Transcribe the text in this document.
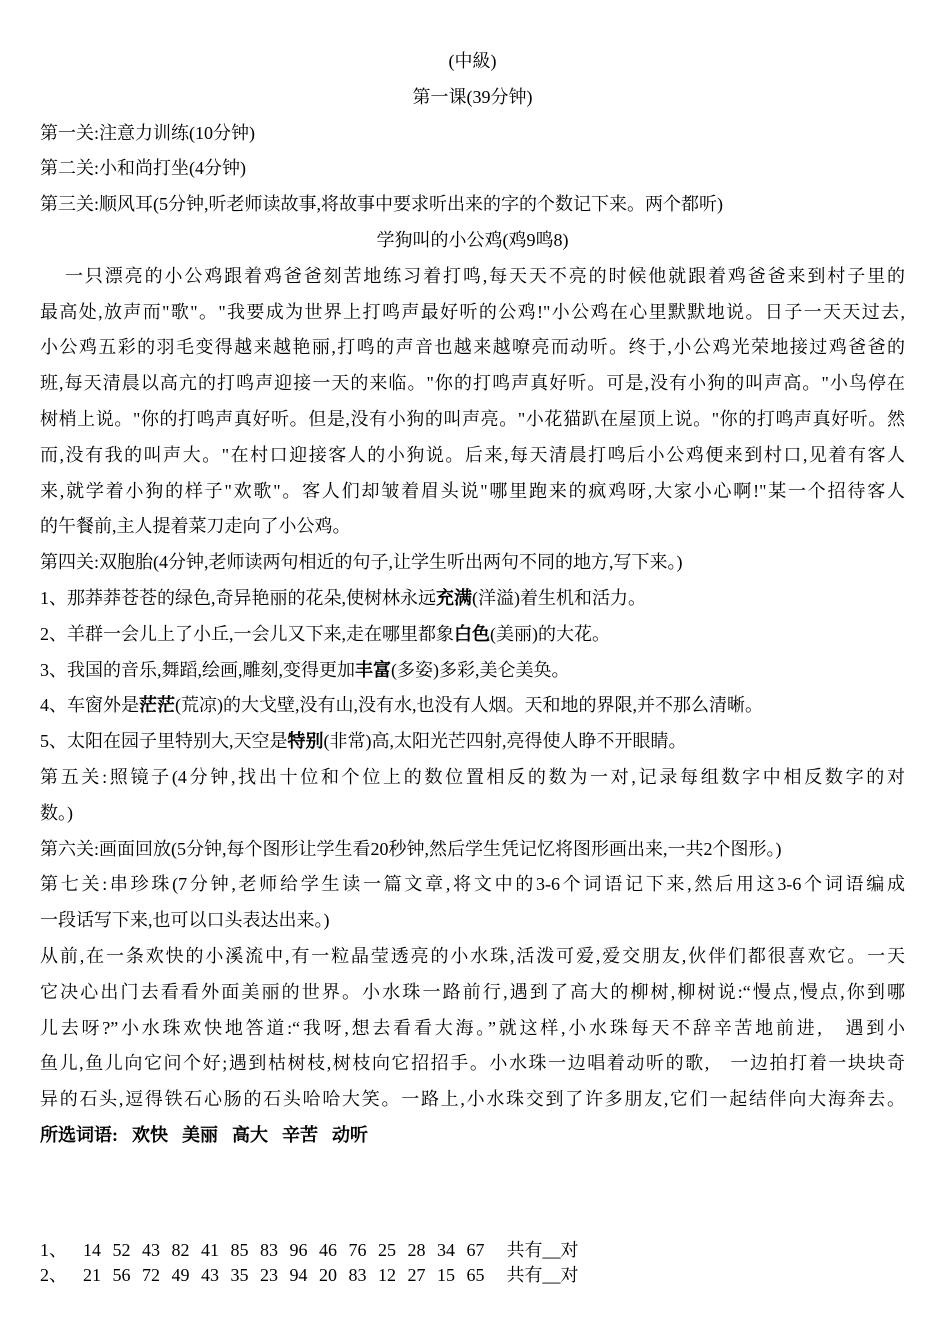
(中級)
第一课(39分钟)
第一关:注意力训练(10分钟)
第二关:小和尚打坐(4分钟)
第三关:顺风耳(5分钟,听老师读故事,将故事中要求听出来的字的个数记下来。两个都听)
学狗叫的小公鸡(鸡9鸣8)
一只漂亮的小公鸡跟着鸡爸爸刻苦地练习着打鸣,每天天不亮的时候他就跟着鸡爸爸来到村子里的
最高处,放声而"歌"。"我要成为世界上打鸣声最好听的公鸡!"小公鸡在心里默默地说。日子一天天过去,
小公鸡五彩的羽毛变得越来越艳丽,打鸣的声音也越来越嘹亮而动听。终于,小公鸡光荣地接过鸡爸爸的
班,每天清晨以高亢的打鸣声迎接一天的来临。"你的打鸣声真好听。可是,没有小狗的叫声高。"小鸟停在
树梢上说。"你的打鸣声真好听。但是,没有小狗的叫声亮。"小花猫趴在屋顶上说。"你的打鸣声真好听。然
而,没有我的叫声大。"在村口迎接客人的小狗说。后来,每天清晨打鸣后小公鸡便来到村口,见着有客人
来,就学着小狗的样子"欢歌"。客人们却皱着眉头说"哪里跑来的疯鸡呀,大家小心啊!"某一个招待客人
的午餐前,主人提着菜刀走向了小公鸡。
第四关:双胞胎(4分钟,老师读两句相近的句子,让学生听出两句不同的地方,写下来。)
1、那莽莽苍苍的绿色,奇异艳丽的花朵,使树林永远充满(洋溢)着生机和活力。
2、羊群一会儿上了小丘,一会儿又下来,走在哪里都象白色(美丽)的大花。
3、我国的音乐,舞蹈,绘画,雕刻,变得更加丰富(多姿)多彩,美仑美奂。
4、车窗外是茫茫(荒凉)的大戈壁,没有山,没有水,也没有人烟。天和地的界限,并不那么清晰。
5、太阳在园子里特别大,天空是特别(非常)高,太阳光芒四射,亮得使人睁不开眼睛。
第五关:照镜子(4分钟,找出十位和个位上的数位置相反的数为一对,记录每组数字中相反数字的对
数。)
第六关:画面回放(5分钟,每个图形让学生看20秒钟,然后学生凭记忆将图形画出来,一共2个图形。)
第七关:串珍珠(7分钟,老师给学生读一篇文章,将文中的3-6个词语记下来,然后用这3-6个词语编成
一段话写下来,也可以口头表达出来。)
从前,在一条欢快的小溪流中,有一粒晶莹透亮的小水珠,活泼可爱,爱交朋友,伙伴们都很喜欢它。一天
它决心出门去看看外面美丽的世界。小水珠一路前行,遇到了高大的柳树,柳树说:“慢点,慢点,你到哪
儿去呀?”小水珠欢快地答道:“我呀,想去看看大海。”就这样,小水珠每天不辞辛苦地前进,　遇到小
鱼儿,鱼儿向它问个好;遇到枯树枝,树枝向它招招手。小水珠一边唱着动听的歌,　一边拍打着一块块奇
异的石头,逗得铁石心肠的石头哈哈大笑。一路上,小水珠交到了许多朋友,它们一起结伴向大海奔去。
所选词语: 欢快 美丽 高大 辛苦 动听
1、 14 52 43 82 41 85 83 96 46 76 25 28 34 67 共有__对
2、 21 56 72 49 43 35 23 94 20 83 12 27 15 65 共有__对
